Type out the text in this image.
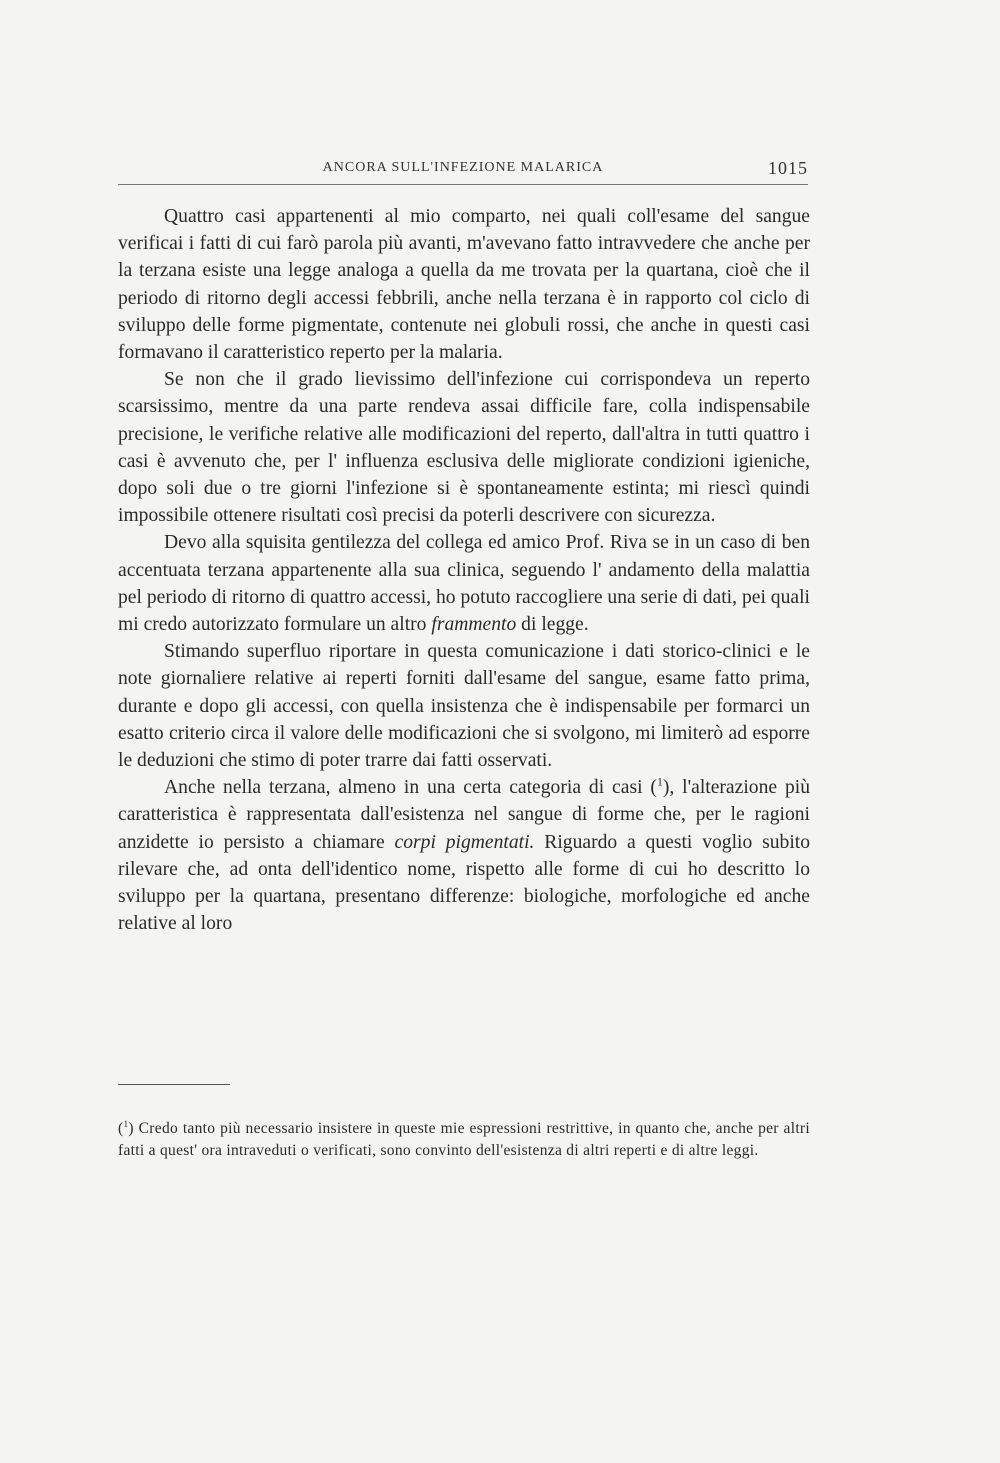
ANCORA SULL'INFEZIONE MALARICA	1015

Quattro casi appartenenti al mio comparto, nei quali coll'esame del sangue verificai i fatti di cui farò parola più avanti, m'avevano fatto intravvedere che anche per la terzana esiste una legge analoga a quella da me trovata per la quartana, cioè che il periodo di ritorno degli accessi febbrili, anche nella terzana è in rapporto col ciclo di sviluppo delle forme pigmentate, contenute nei globuli rossi, che anche in questi casi formavano il caratteristico reperto per la malaria.

Se non che il grado lievissimo dell'infezione cui corrispondeva un reperto scarsissimo, mentre da una parte rendeva assai difficile fare, colla indispensabile precisione, le verifiche relative alle modificazioni del reperto, dall'altra in tutti quattro i casi è avvenuto che, per l' influenza esclusiva delle migliorate condizioni igieniche, dopo soli due o tre giorni l'infezione si è spontaneamente estinta; mi riescì quindi impossibile ottenere risultati così precisi da poterli descrivere con sicurezza.

Devo alla squisita gentilezza del collega ed amico Prof. Riva se in un caso di ben accentuata terzana appartenente alla sua clinica, seguendo l' andamento della malattia pel periodo di ritorno di quattro accessi, ho potuto raccogliere una serie di dati, pei quali mi credo autorizzato formulare un altro frammento di legge.

Stimando superfluo riportare in questa comunicazione i dati storico-clinici e le note giornaliere relative ai reperti forniti dall'esame del sangue, esame fatto prima, durante e dopo gli accessi, con quella insistenza che è indispensabile per formarci un esatto criterio circa il valore delle modificazioni che si svolgono, mi limiterò ad esporre le deduzioni che stimo di poter trarre dai fatti osservati.

Anche nella terzana, almeno in una certa categoria di casi ($^1$), l'alterazione più caratteristica è rappresentata dall'esistenza nel sangue di forme che, per le ragioni anzidette io persisto a chiamare corpi pigmentati. Riguardo a questi voglio subito rilevare che, ad onta dell'identico nome, rispetto alle forme di cui ho descritto lo sviluppo per la quartana, presentano differenze: biologiche, morfologiche ed anche relative al loro

($^1$) Credo tanto più necessario insistere in queste mie espressioni restrittive, in quanto che, anche per altri fatti a quest' ora intraveduti o verificati, sono convinto dell'esistenza di altri reperti e di altre leggi.
